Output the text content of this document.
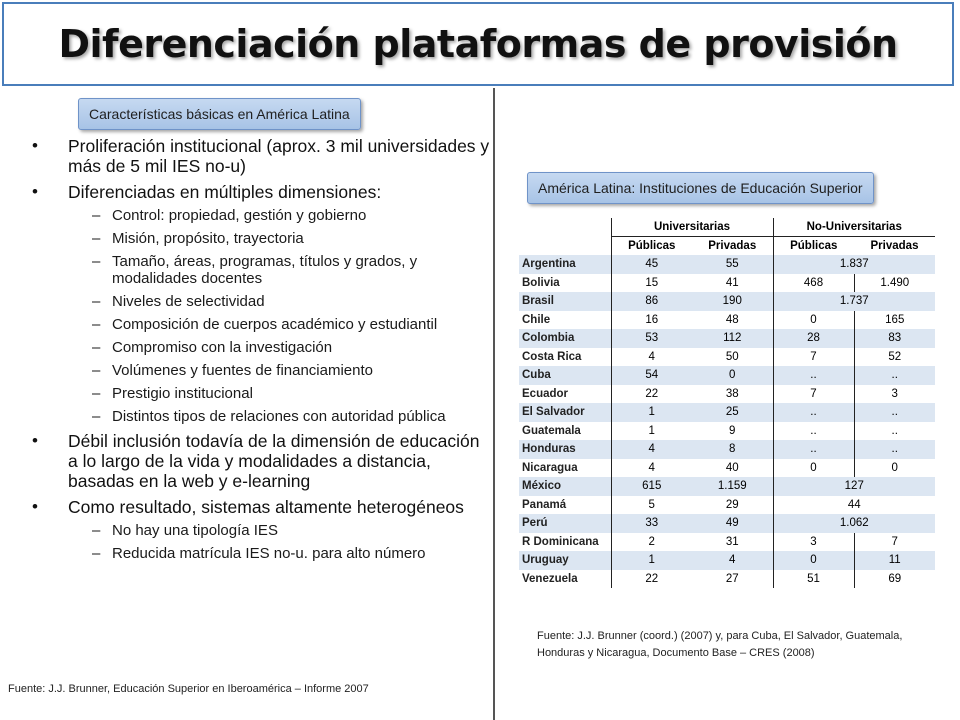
Diferenciación plataformas de provisión
Características básicas en América Latina
• Proliferación institucional (aprox. 3 mil universidades y más de 5 mil IES no-u)
• Diferenciadas en múltiples dimensiones:
– Control: propiedad, gestión y gobierno
– Misión, propósito, trayectoria
– Tamaño, áreas, programas, títulos y grados, y modalidades docentes
– Niveles de selectividad
– Composición de cuerpos académico y estudiantil
– Compromiso con la investigación
– Volúmenes y fuentes de financiamiento
– Prestigio institucional
– Distintos tipos de relaciones con autoridad pública
• Débil inclusión todavía de la dimensión de educación a lo largo de la vida y modalidades a distancia, basadas en la web y e-learning
• Como resultado, sistemas altamente heterogéneos
– No hay una tipología IES
– Reducida matrícula IES no-u. para alto número
Fuente: J.J. Brunner, Educación Superior en Iberoamérica – Informe 2007
América Latina: Instituciones de Educación Superior
	Universitarias		No-Universitarias	
	Públicas	Privadas	Públicas	Privadas
Argentina	45	55	1.837	
Bolivia	15	41	468	1.490
Brasil	86	190	1.737	
Chile	16	48	0	165
Colombia	53	112	28	83
Costa Rica	4	50	7	52
Cuba	54	0	..	..
Ecuador	22	38	7	3
El Salvador	1	25	..	..
Guatemala	1	9	..	..
Honduras	4	8	..	..
Nicaragua	4	40	0	0
México	615	1.159	127	
Panamá	5	29	44	
Perú	33	49	1.062	
R Dominicana	2	31	3	7
Uruguay	1	4	0	11
Venezuela	22	27	51	69
Fuente: J.J. Brunner (coord.) (2007) y, para Cuba, El Salvador, Guatemala, Honduras y Nicaragua, Documento Base – CRES (2008)
